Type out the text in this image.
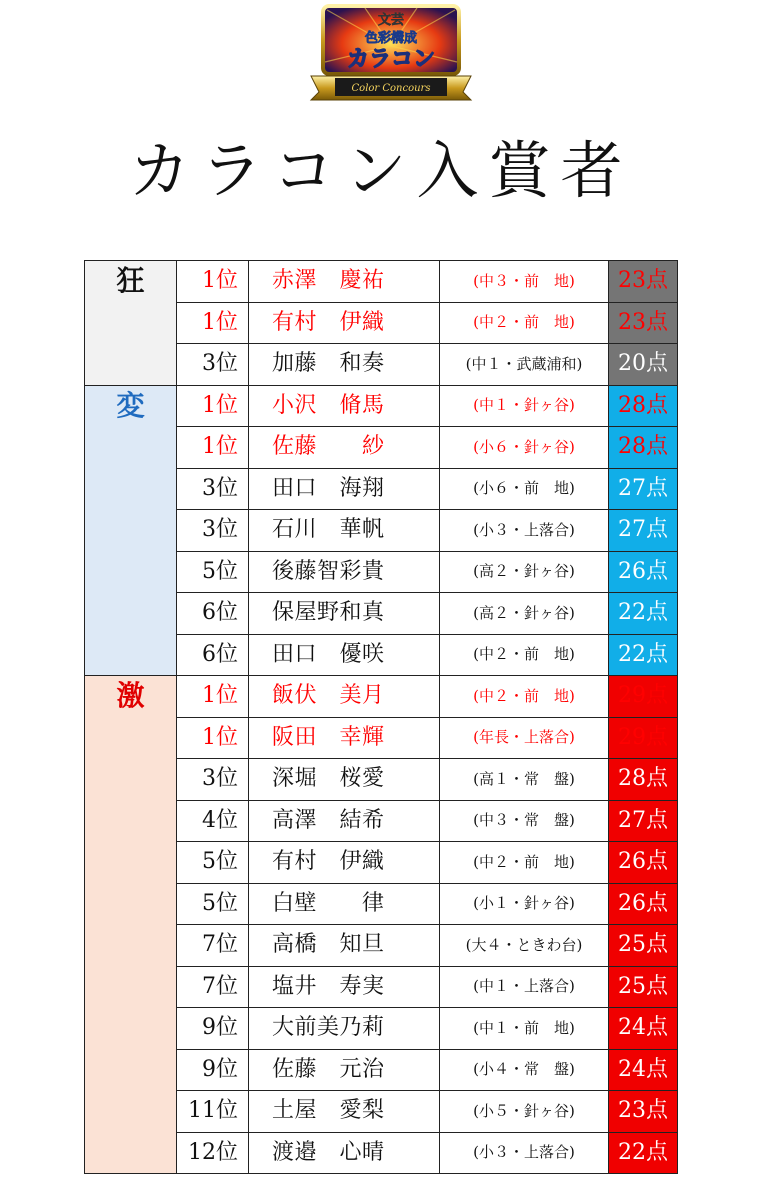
文芸
色彩構成
カラコン
Color Concours
カラコン入賞者
狂	1位	赤澤　慶祐	(中３・前　地)	23点
	1位	有村　伊織	(中２・前　地)	23点
	3位	加藤　和奏	(中１・武蔵浦和)	20点
変	1位	小沢　脩馬	(中１・針ヶ谷)	28点
	1位	佐藤　　紗	(小６・針ヶ谷)	28点
	3位	田口　海翔	(小６・前　地)	27点
	3位	石川　華帆	(小３・上落合)	27点
	5位	後藤智彩貴	(高２・針ヶ谷)	26点
	6位	保屋野和真	(高２・針ヶ谷)	22点
	6位	田口　優咲	(中２・前　地)	22点
激	1位	飯伏　美月	(中２・前　地)	29点
	1位	阪田　幸輝	(年長・上落合)	29点
	3位	深堀　桜愛	(高１・常　盤)	28点
	4位	高澤　結希	(中３・常　盤)	27点
	5位	有村　伊織	(中２・前　地)	26点
	5位	白壁　　律	(小１・針ヶ谷)	26点
	7位	高橋　知旦	(大４・ときわ台)	25点
	7位	塩井　寿実	(中１・上落合)	25点
	9位	大前美乃莉	(中１・前　地)	24点
	9位	佐藤　元治	(小４・常　盤)	24点
	11位	土屋　愛梨	(小５・針ヶ谷)	23点
	12位	渡邉　心晴	(小３・上落合)	22点
